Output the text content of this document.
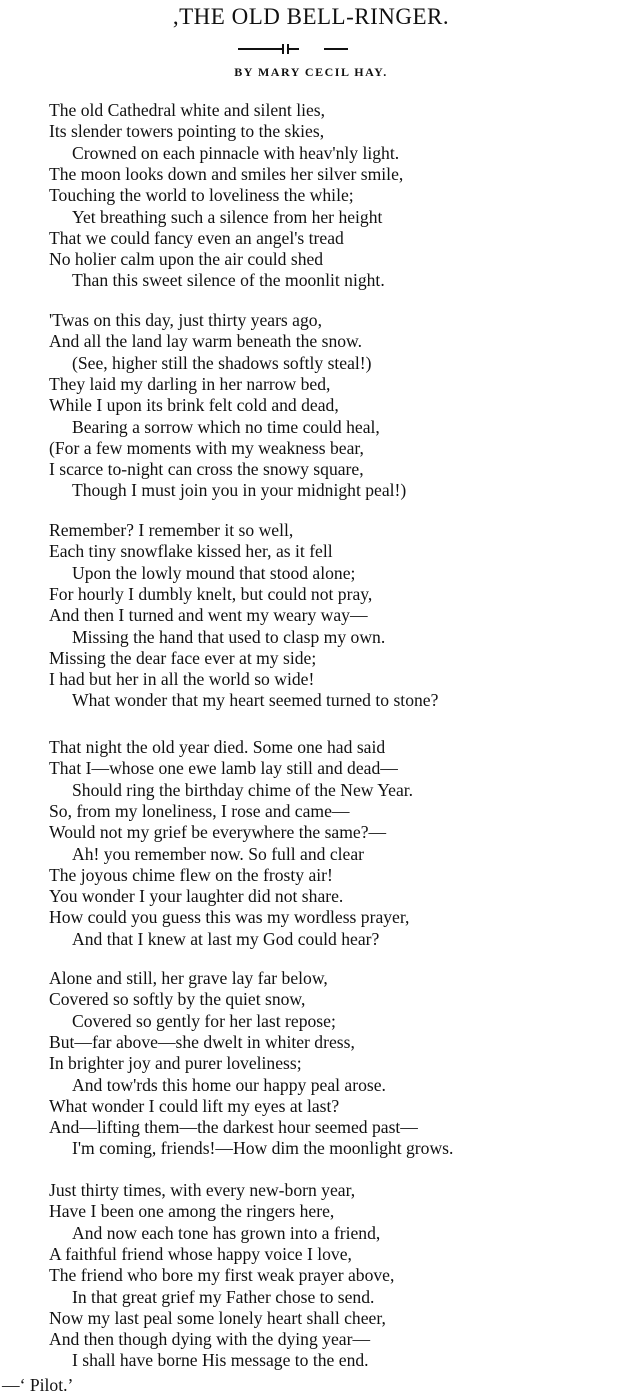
,THE OLD BELL-RINGER.
BY MARY CECIL HAY.
The old Cathedral white and silent lies,
Its slender towers pointing to the skies,
Crowned on each pinnacle with heav'nly light.
The moon looks down and smiles her silver smile,
Touching the world to loveliness the while;
Yet breathing such a silence from her height
That we could fancy even an angel's tread
No holier calm upon the air could shed
Than this sweet silence of the moonlit night.
'Twas on this day, just thirty years ago,
And all the land lay warm beneath the snow.
(See, higher still the shadows softly steal!)
They laid my darling in her narrow bed,
While I upon its brink felt cold and dead,
Bearing a sorrow which no time could heal,
(For a few moments with my weakness bear,
I scarce to-night can cross the snowy square,
Though I must join you in your midnight peal!)
Remember? I remember it so well,
Each tiny snowflake kissed her, as it fell
Upon the lowly mound that stood alone;
For hourly I dumbly knelt, but could not pray,
And then I turned and went my weary way—
Missing the hand that used to clasp my own.
Missing the dear face ever at my side;
I had but her in all the world so wide!
What wonder that my heart seemed turned to stone?
That night the old year died. Some one had said
That I—whose one ewe lamb lay still and dead—
Should ring the birthday chime of the New Year.
So, from my loneliness, I rose and came—
Would not my grief be everywhere the same?—
Ah! you remember now. So full and clear
The joyous chime flew on the frosty air!
You wonder I your laughter did not share.
How could you guess this was my wordless prayer,
And that I knew at last my God could hear?
Alone and still, her grave lay far below,
Covered so softly by the quiet snow,
Covered so gently for her last repose;
But—far above—she dwelt in whiter dress,
In brighter joy and purer loveliness;
And tow'rds this home our happy peal arose.
What wonder I could lift my eyes at last?
And—lifting them—the darkest hour seemed past—
I'm coming, friends!—How dim the moonlight grows.
Just thirty times, with every new-born year,
Have I been one among the ringers here,
And now each tone has grown into a friend,
A faithful friend whose happy voice I love,
The friend who bore my first weak prayer above,
In that great grief my Father chose to send.
Now my last peal some lonely heart shall cheer,
And then though dying with the dying year—
I shall have borne His message to the end.
—‘ Pilot.’
